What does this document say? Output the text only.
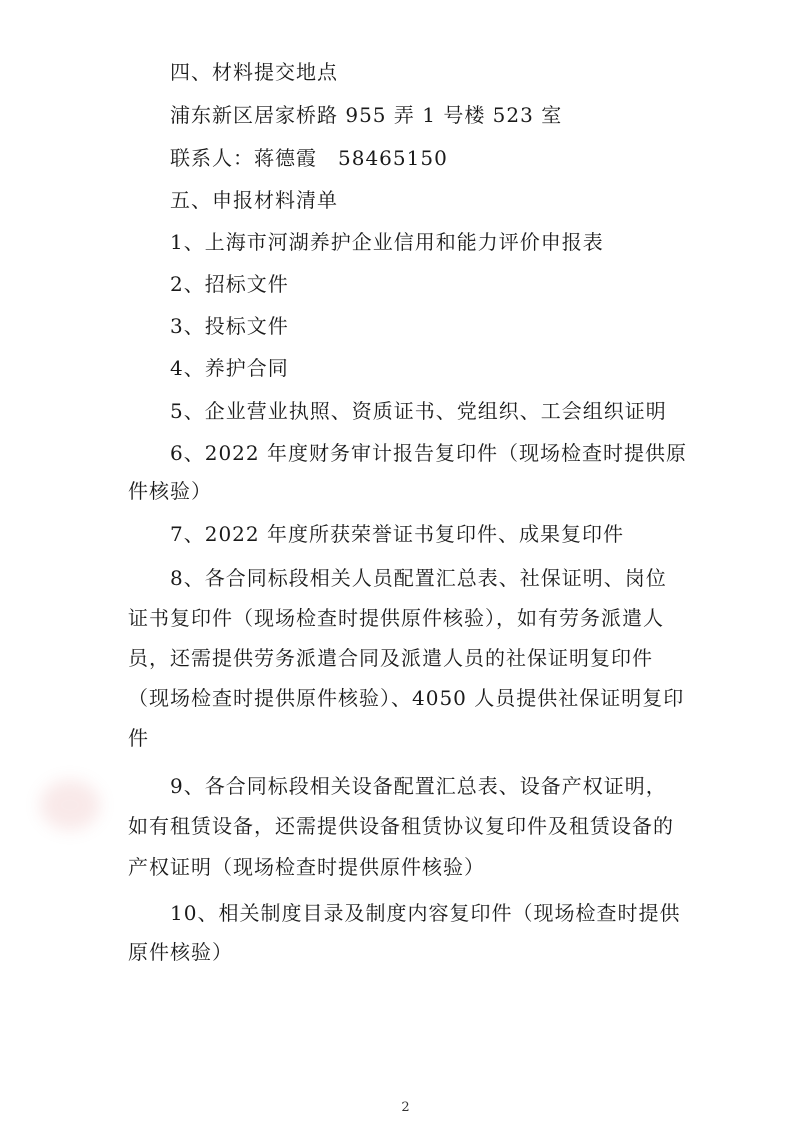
四、材料提交地点
浦东新区居家桥路 955 弄 1 号楼 523 室
联系人：蒋德霞　58465150
五、申报材料清单
1、上海市河湖养护企业信用和能力评价申报表
2、招标文件
3、投标文件
4、养护合同
5、企业营业执照、资质证书、党组织、工会组织证明
6、2022 年度财务审计报告复印件（现场检查时提供原
件核验）
7、2022 年度所获荣誉证书复印件、成果复印件
8、各合同标段相关人员配置汇总表、社保证明、岗位
证书复印件（现场检查时提供原件核验），如有劳务派遣人
员，还需提供劳务派遣合同及派遣人员的社保证明复印件
（现场检查时提供原件核验）、4050 人员提供社保证明复印
件
9、各合同标段相关设备配置汇总表、设备产权证明，
如有租赁设备，还需提供设备租赁协议复印件及租赁设备的
产权证明（现场检查时提供原件核验）
10、相关制度目录及制度内容复印件（现场检查时提供
原件核验）
2
